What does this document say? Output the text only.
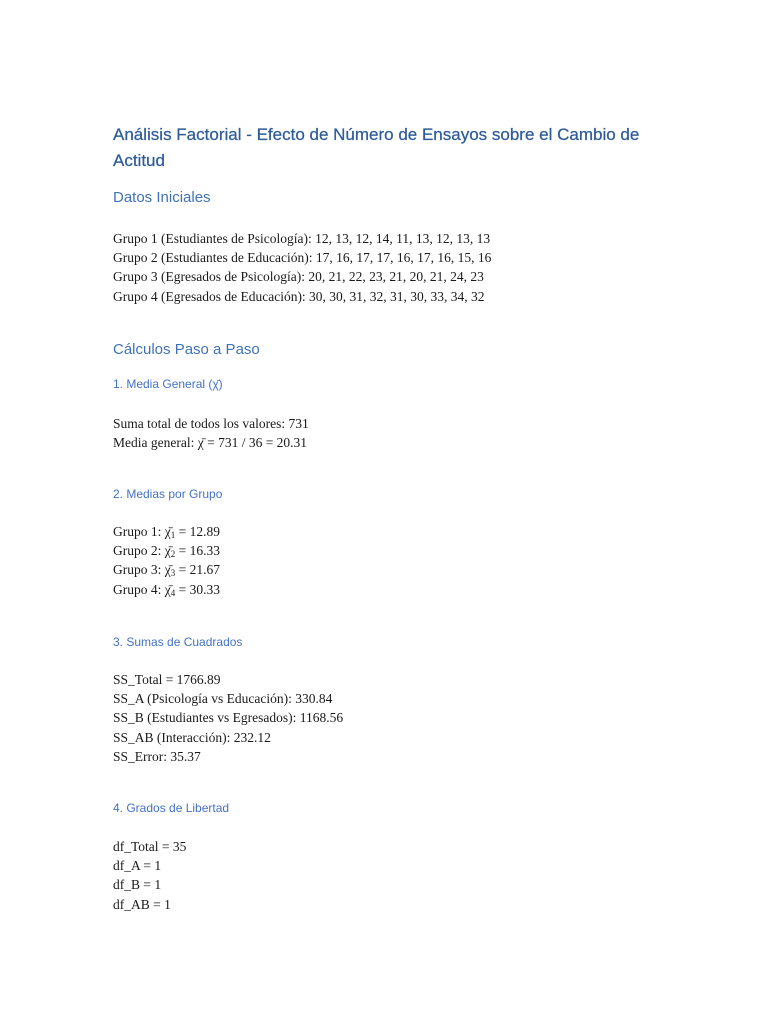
Análisis Factorial - Efecto de Número de Ensayos sobre el Cambio de Actitud
Datos Iniciales

Grupo 1 (Estudiantes de Psicología): 12, 13, 12, 14, 11, 13, 12, 13, 13

Grupo 2 (Estudiantes de Educación): 17, 16, 17, 17, 16, 17, 16, 15, 16

Grupo 3 (Egresados de Psicología): 20, 21, 22, 23, 21, 20, 21, 24, 23

Grupo 4 (Egresados de Educación): 30, 30, 31, 32, 31, 30, 33, 34, 32

Cálculos Paso a Paso
1. Media General (χ̄)

Suma total de todos los valores: 731

Media general: χ̄ = 731 / 36 = 20.31

2. Medias por Grupo

Grupo 1: $\chī_1 = 12.89$

Grupo 2: $\chī_2 = 16.33$

Grupo 3: $\chī_3 = 21.67$

Grupo 4: $\chī_4 = 30.33$

3. Sumas de Cuadrados

SS_Total = 1766.89

SS_A (Psicología vs Educación): 330.84

SS_B (Estudiantes vs Egresados): 1168.56

SS_AB (Interacción): 232.12

SS_Error: 35.37

4. Grados de Libertad

df_Total = 35

df_A = 1

df_B = 1

df_AB = 1
